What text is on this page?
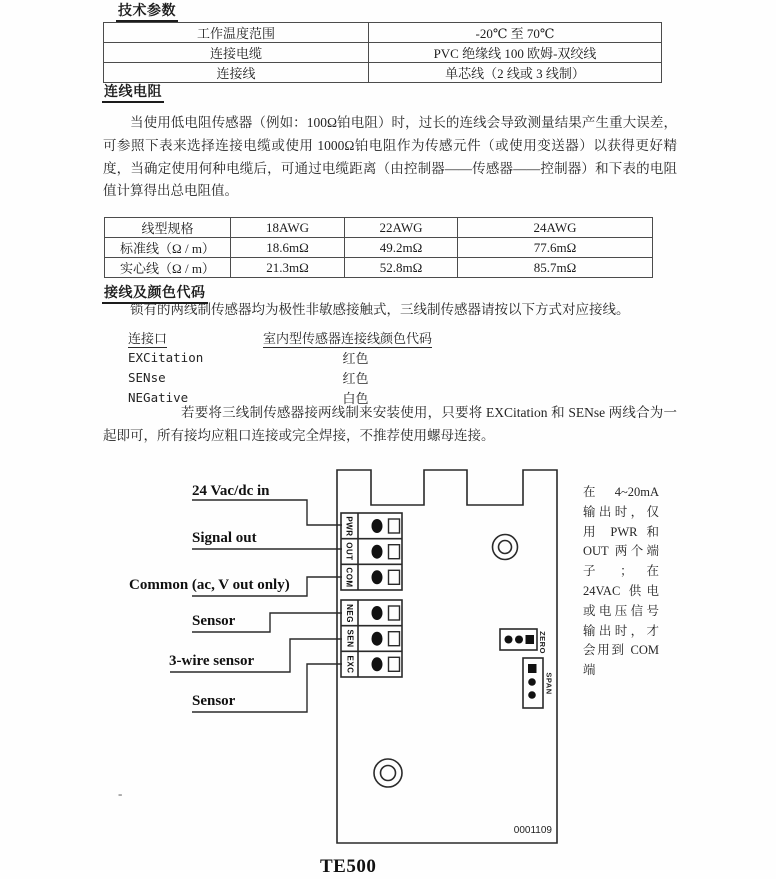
技术参数
工作温度范围	-20℃ 至 70℃
连接电缆	PVC 绝缘线 100 欧姆-双绞线
连接线	单芯线（2 线或 3 线制）
连线电阻
当使用低电阻传感器（例如：100Ω铂电阻）时，过长的连线会导致测量结果产生重大误差，可参照下表来选择连接电缆或使用 1000Ω铂电阻作为传感元件（或使用变送器）以获得更好精度，当确定使用何种电缆后，可通过电缆距离（由控制器——传感器——控制器）和下表的电阻值计算得出总电阻值。
线型规格	18AWG	22AWG	24AWG
标准线（Ω / m）	18.6mΩ	49.2mΩ	77.6mΩ
实心线（Ω / m）	21.3mΩ	52.8mΩ	85.7mΩ
接线及颜色代码
锁有的两线制传感器均为极性非敏感接触式，三线制传感器请按以下方式对应接线。
连接口	室内型传感器连接线颜色代码
EXCitation	红色
SENse	红色
NEGative	白色
若要将三线制传感器接两线制来安装使用，只要将 EXCitation 和 SENse 两线合为一起即可，所有接均应粗口连接或完全焊接，不推荐使用螺母连接。
24 Vac/dc in
Signal out
Common (ac, V out only)
Sensor
3-wire sensor
Sensor
PWR
OUT
COM
NEG
SEN
EXC
ZERO
SPAN
0001109
TE500
在 4~20mA
输出时，仅
用 PWR 和
OUT 两个端
子 ； 在
24VAC 供电
或电压信号
输出时，才
会用到 COM
端
-
